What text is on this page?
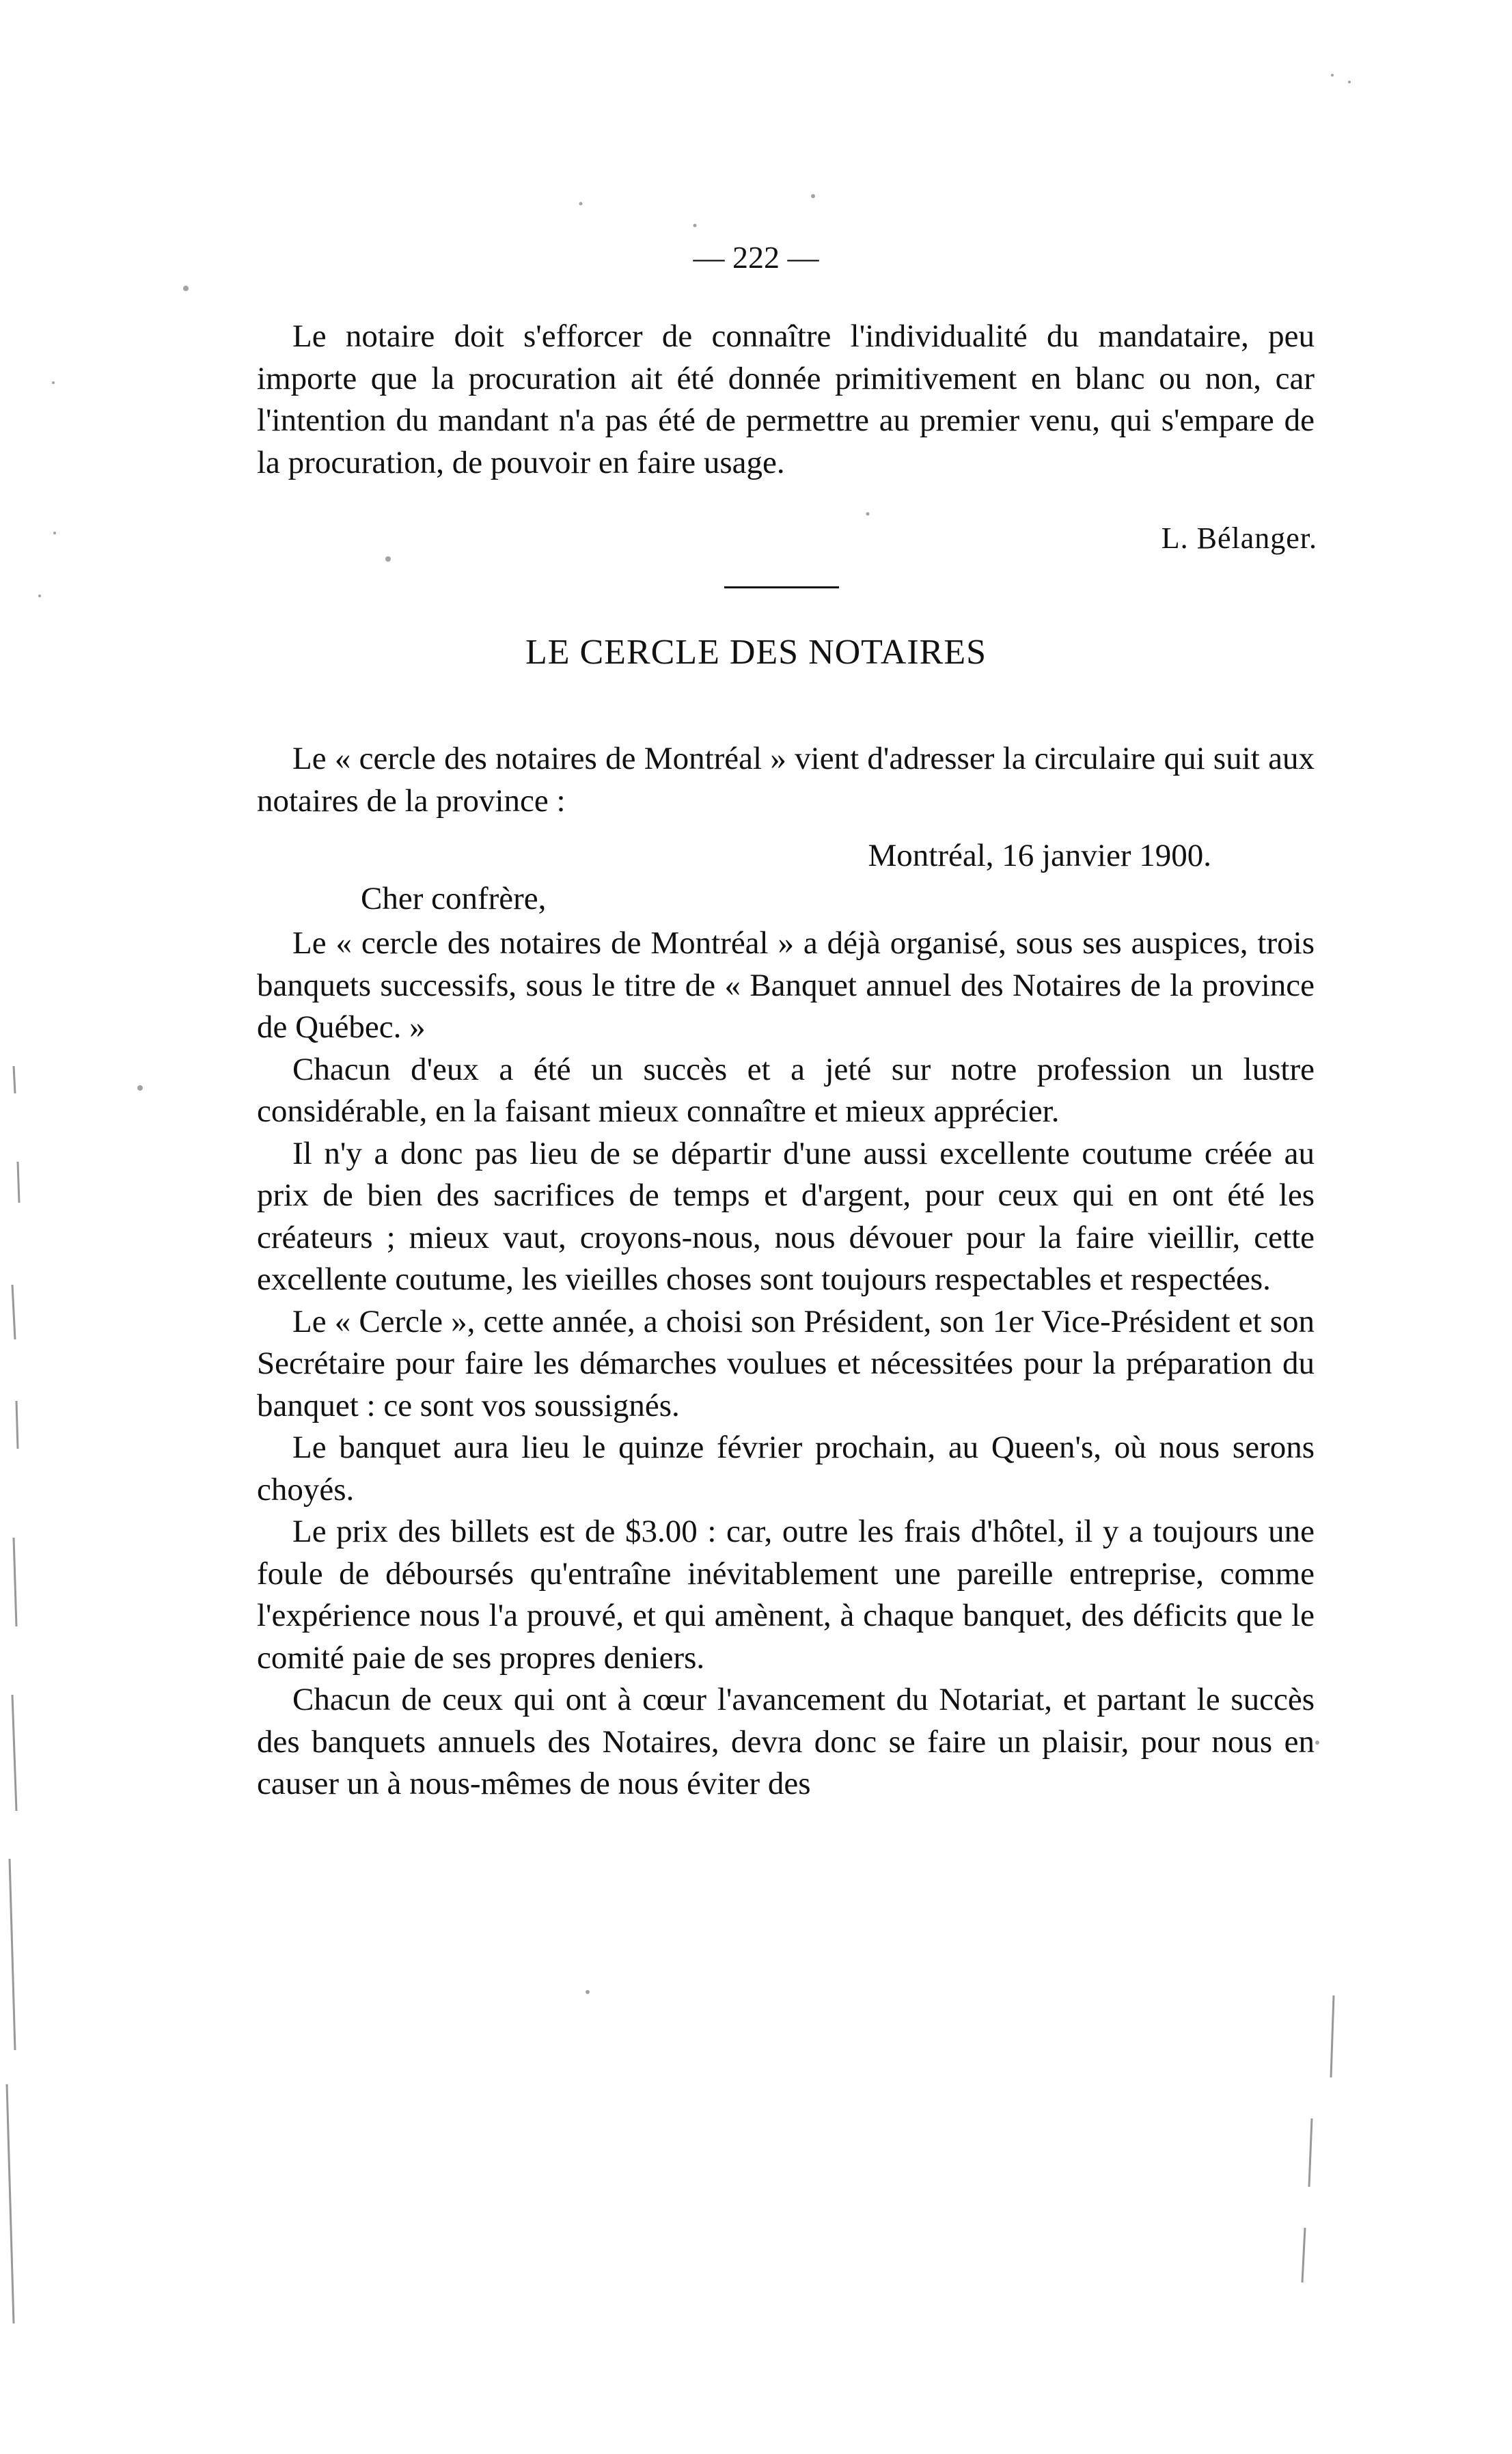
— 222 —

Le notaire doit s'efforcer de connaître l'individualité du mandataire, peu importe que la procuration ait été donnée primitivement en blanc ou non, car l'intention du mandant n'a pas été de permettre au premier venu, qui s'empare de la procuration, de pouvoir en faire usage.

L. Bélanger.
LE CERCLE DES NOTAIRES

Le « cercle des notaires de Montréal » vient d'adresser la circulaire qui suit aux notaires de la province :

Montréal, 16 janvier 1900.
Cher confrère,

Le « cercle des notaires de Montréal » a déjà organisé, sous ses auspices, trois banquets successifs, sous le titre de « Banquet annuel des Notaires de la province de Québec. »

Chacun d'eux a été un succès et a jeté sur notre profession un lustre considérable, en la faisant mieux connaître et mieux apprécier.

Il n'y a donc pas lieu de se départir d'une aussi excellente coutume créée au prix de bien des sacrifices de temps et d'argent, pour ceux qui en ont été les créateurs ; mieux vaut, croyons-nous, nous dévouer pour la faire vieillir, cette excellente coutume, les vieilles choses sont toujours respectables et respectées.

Le « Cercle », cette année, a choisi son Président, son 1er Vice-Président et son Secrétaire pour faire les démarches voulues et nécessitées pour la préparation du banquet : ce sont vos soussignés.

Le banquet aura lieu le quinze février prochain, au Queen's, où nous serons choyés.

Le prix des billets est de $3.00 : car, outre les frais d'hôtel, il y a toujours une foule de déboursés qu'entraîne inévitablement une pareille entreprise, comme l'expérience nous l'a prouvé, et qui amènent, à chaque banquet, des déficits que le comité paie de ses propres deniers.

Chacun de ceux qui ont à cœur l'avancement du Notariat, et partant le succès des banquets annuels des Notaires, devra donc se faire un plaisir, pour nous en causer un à nous-mêmes de nous éviter des
